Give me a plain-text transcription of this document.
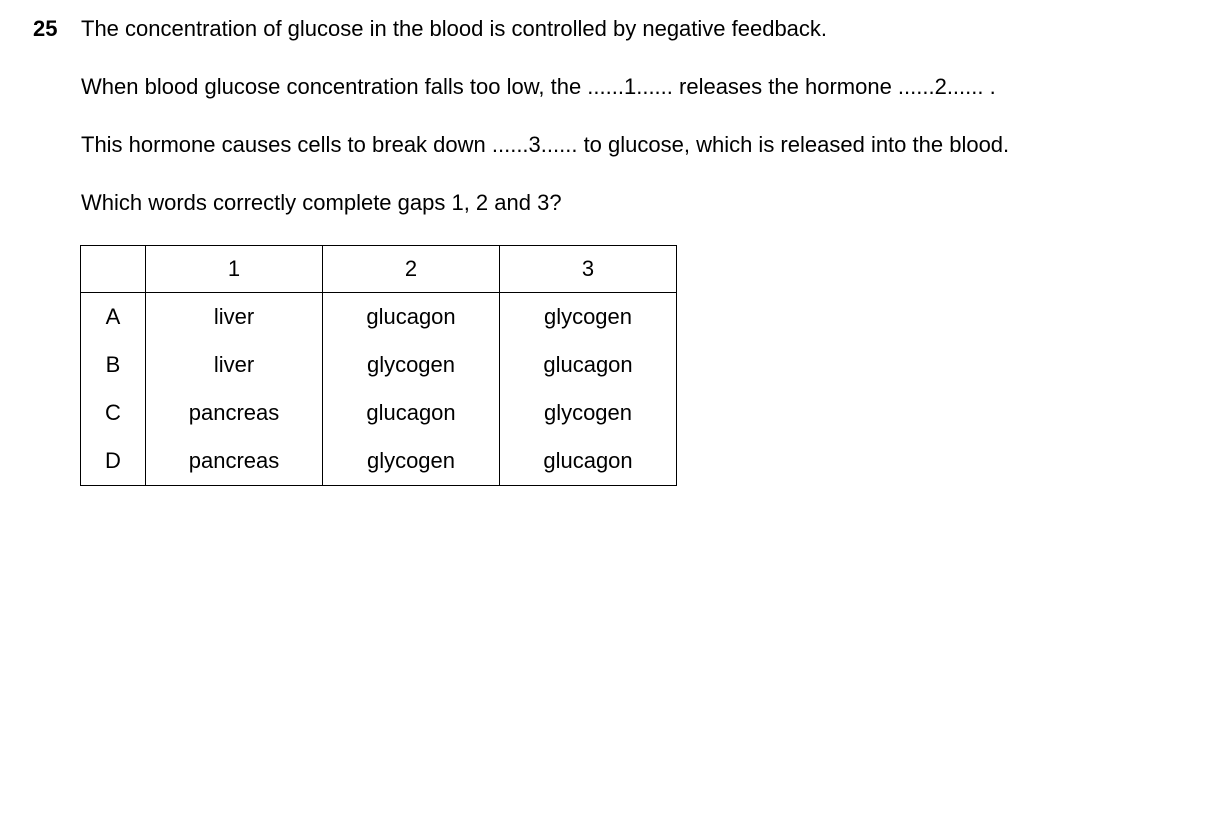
25 The concentration of glucose in the blood is controlled by negative feedback.
When blood glucose concentration falls too low, the ......1...... releases the hormone ......2...... .
This hormone causes cells to break down ......3...... to glucose, which is released into the blood.
Which words correctly complete gaps 1, 2 and 3?
	1	2	3
A	liver	glucagon	glycogen
B	liver	glycogen	glucagon
C	pancreas	glucagon	glycogen
D	pancreas	glycogen	glucagon
